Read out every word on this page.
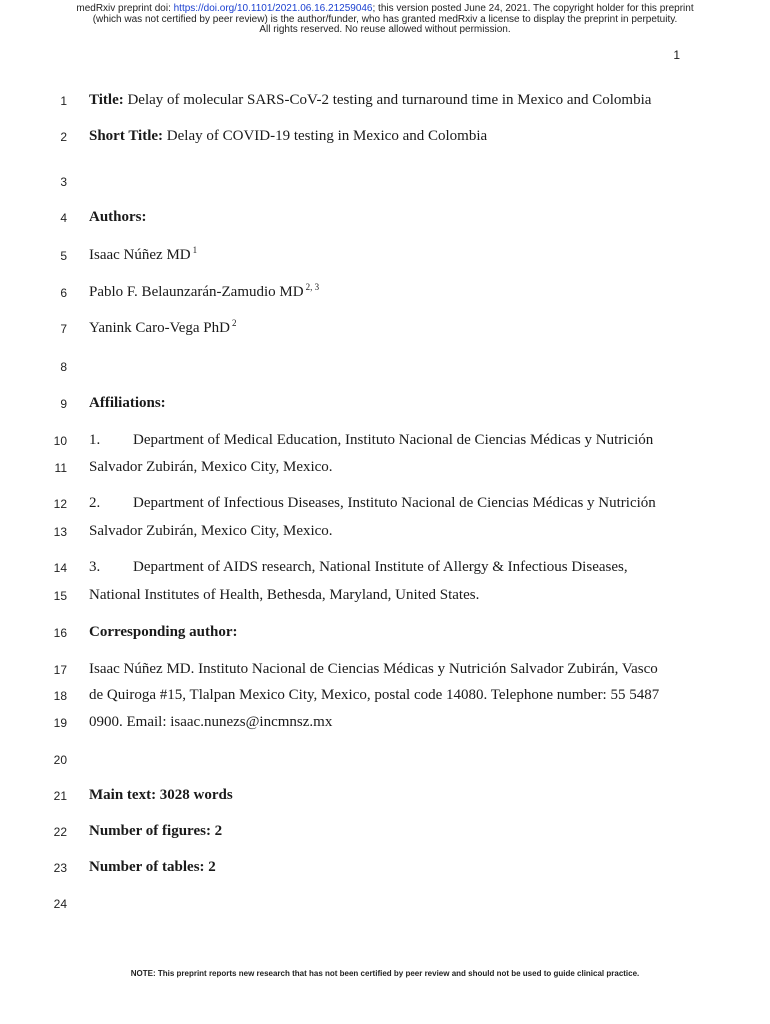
medRxiv preprint doi: https://doi.org/10.1101/2021.06.16.21259046; this version posted June 24, 2021. The copyright holder for this preprint
(which was not certified by peer review) is the author/funder, who has granted medRxiv a license to display the preprint in perpetuity.
All rights reserved. No reuse allowed without permission.
1
1
2
3
4
5
6
7
8
9
10
11
12
13
14
15
16
17
18
19
20
21
22
23
24
Title: Delay of molecular SARS-CoV-2 testing and turnaround time in Mexico and Colombia
Short Title: Delay of COVID-19 testing in Mexico and Colombia
Authors:
Isaac Núñez MD $^1$
Pablo F. Belaunzarán-Zamudio MD $^{2, 3}$
Yanink Caro-Vega PhD $^2$
Affiliations:
1. Department of Medical Education, Instituto Nacional de Ciencias Médicas y Nutrición
Salvador Zubirán, Mexico City, Mexico.
2. Department of Infectious Diseases, Instituto Nacional de Ciencias Médicas y Nutrición
Salvador Zubirán, Mexico City, Mexico.
3. Department of AIDS research, National Institute of Allergy & Infectious Diseases,
National Institutes of Health, Bethesda, Maryland, United States.
Corresponding author:
Isaac Núñez MD. Instituto Nacional de Ciencias Médicas y Nutrición Salvador Zubirán, Vasco
de Quiroga #15, Tlalpan Mexico City, Mexico, postal code 14080. Telephone number: 55 5487
0900. Email: isaac.nunezs@incmnsz.mx
Main text: 3028 words
Number of figures: 2
Number of tables: 2
NOTE: This preprint reports new research that has not been certified by peer review and should not be used to guide clinical practice.
